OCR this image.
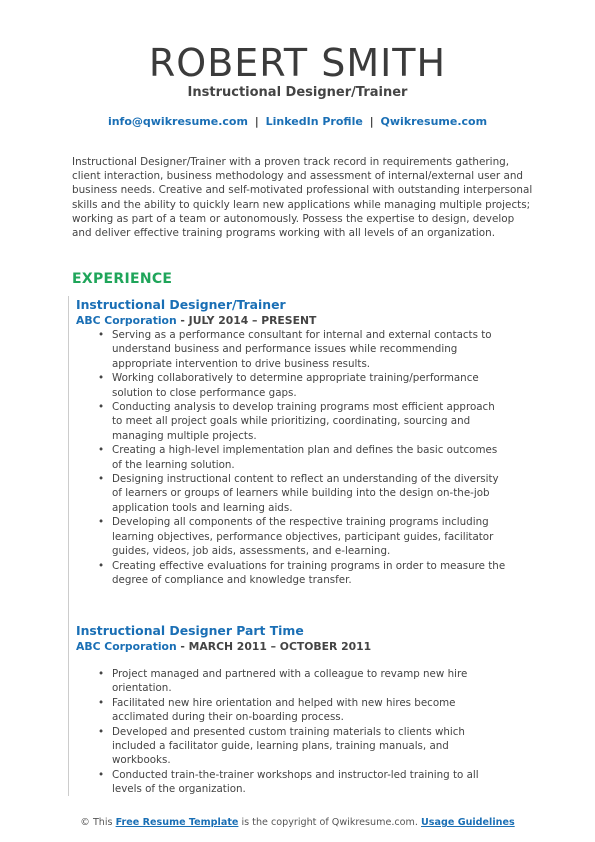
ROBERT SMITH
Instructional Designer/Trainer
info@qwikresume.com | LinkedIn Profile | Qwikresume.com
Instructional Designer/Trainer with a proven track record in requirements gathering, client interaction, business methodology and assessment of internal/external user and business needs. Creative and self-motivated professional with outstanding interpersonal skills and the ability to quickly learn new applications while managing multiple projects; working as part of a team or autonomously. Possess the expertise to design, develop and deliver effective training programs working with all levels of an organization.
EXPERIENCE
Instructional Designer/Trainer
ABC Corporation - JULY 2014 – PRESENT
• Serving as a performance consultant for internal and external contacts to understand business and performance issues while recommending appropriate intervention to drive business results.
• Working collaboratively to determine appropriate training/performance solution to close performance gaps.
• Conducting analysis to develop training programs most efficient approach to meet all project goals while prioritizing, coordinating, sourcing and managing multiple projects.
• Creating a high-level implementation plan and defines the basic outcomes of the learning solution.
• Designing instructional content to reflect an understanding of the diversity of learners or groups of learners while building into the design on-the-job application tools and learning aids.
• Developing all components of the respective training programs including learning objectives, performance objectives, participant guides, facilitator guides, videos, job aids, assessments, and e-learning.
• Creating effective evaluations for training programs in order to measure the degree of compliance and knowledge transfer.
Instructional Designer Part Time
ABC Corporation - MARCH 2011 – OCTOBER 2011
• Project managed and partnered with a colleague to revamp new hire orientation.
• Facilitated new hire orientation and helped with new hires become acclimated during their on-boarding process.
• Developed and presented custom training materials to clients which included a facilitator guide, learning plans, training manuals, and workbooks.
• Conducted train-the-trainer workshops and instructor-led training to all levels of the organization.
© This Free Resume Template is the copyright of Qwikresume.com. Usage Guidelines
